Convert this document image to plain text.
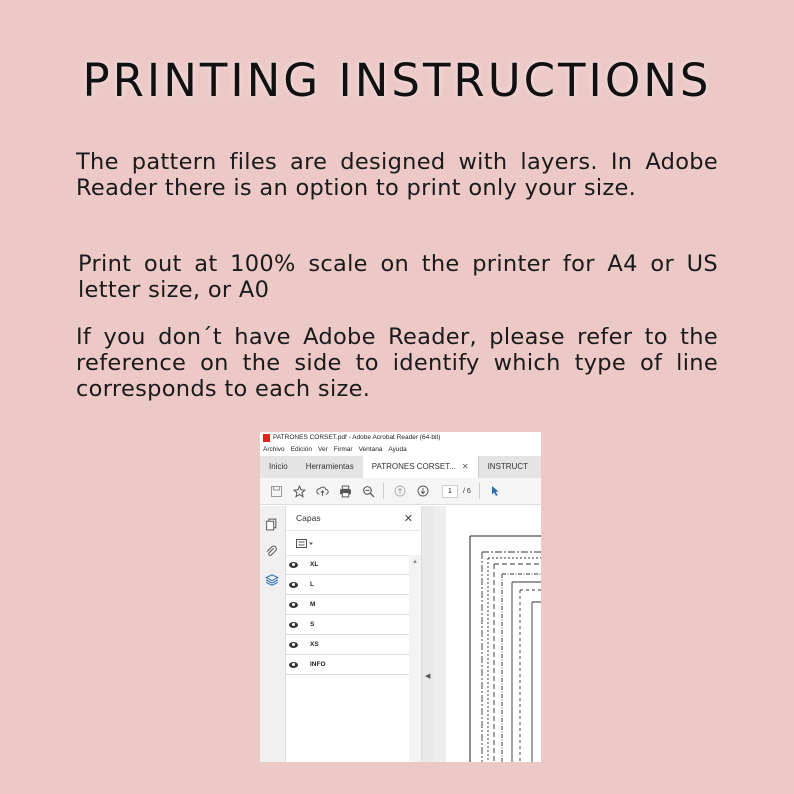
PRINTING INSTRUCTIONS
The pattern files are designed with layers. In Adobe Reader there is an option to print only your size.
Print out at 100% scale on the printer for A4 or US letter size, or A0
If you don´t have Adobe Reader, please refer to the reference on the side to identify which type of line corresponds to each size.
PATRONES CORSET.pdf - Adobe Acrobat Reader (64-bit)
Archivo Edición Ver Firmar Ventana Ayuda
Inicio	Herramientas	PATRONES CORSET... ✕	INSTRUCT
1	/ 6
Capas	✕
XL
L
M
S
XS
INFO
▲
◀
